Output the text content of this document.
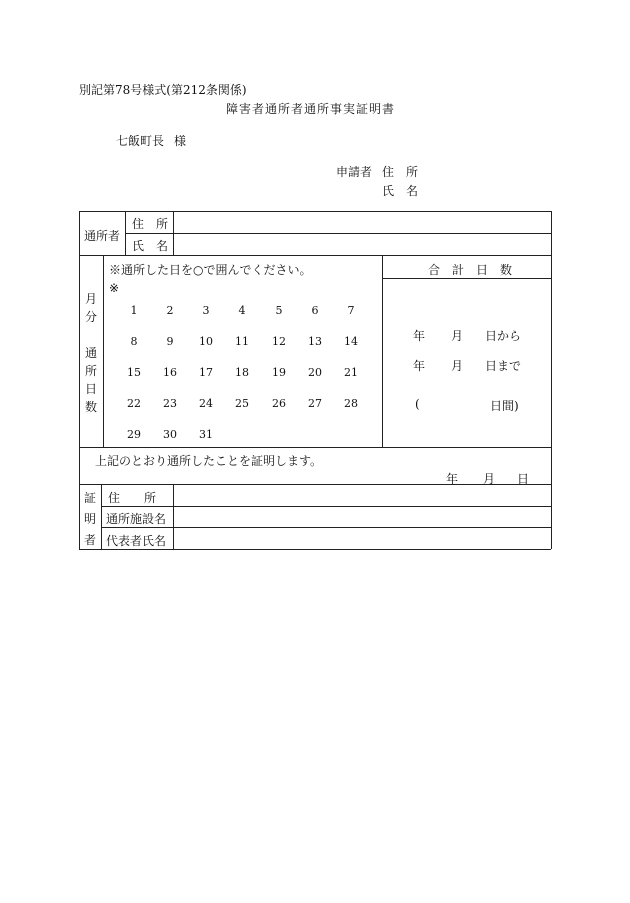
別記第78号様式(第212条関係)
障害者通所者通所事実証明書
七飯町長 様
申請者 住　所
氏　名
通所者
住　所
氏　名
月
分
通
所
日
数
※通所した日を○で囲んでください。
※
1	2	3	4	5	6	7
8	9	10	11	12	13	14
15	16	17	18	19	20	21
22	23	24	25	26	27	28
29	30	31
合　計　日　数
年 月 日から
年 月 日まで
(	日間)
上記のとおり通所したことを証明します。
年 月 日
証
明
者
住　　所
通所施設名
代表者氏名
